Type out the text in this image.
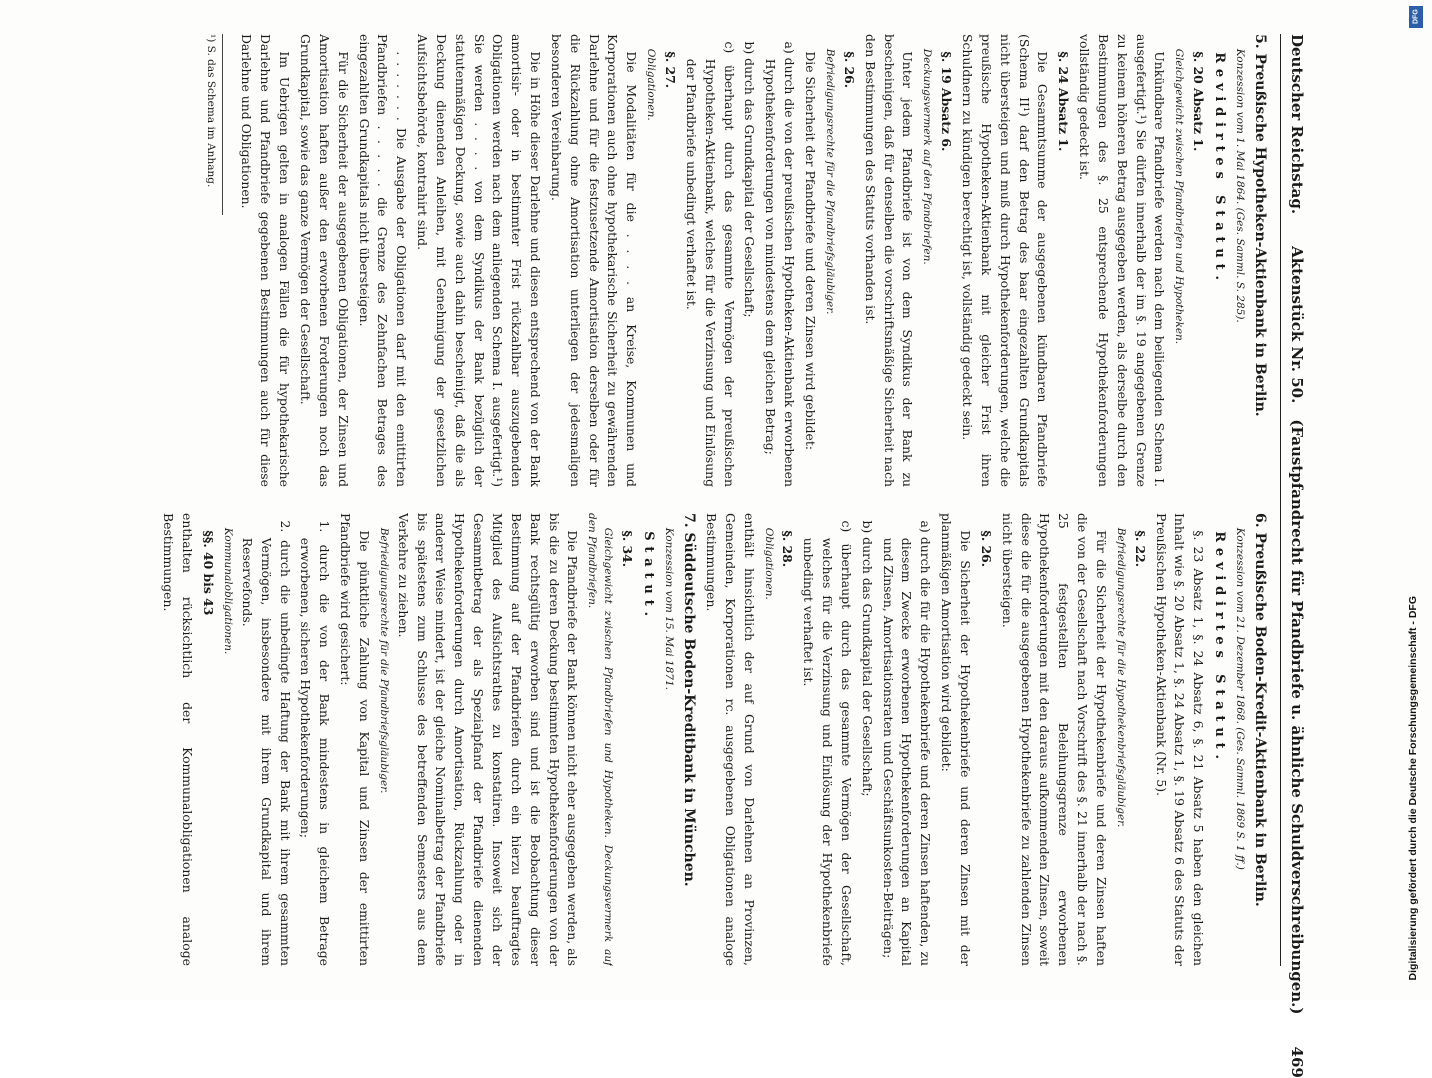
Deutscher Reichstag.
Aktenstück Nr. 50.
(Faustpfandrecht für Pfandbriefe u. ähnliche Schuldverschreibungen.)
469

5. Preußische Hypotheken-Aktienbank in Berlin.

Konzession vom 1. Mai 1864. (Ges. Samml. S. 285).

Revidirtes Statut.

§. 20 Absatz 1.

Gleichgewicht zwischen Pfandbriefen und Hypotheken.

Unkündbare Pfandbriefe werden nach dem beiliegenden Schema I. ausgefertigt.¹) Sie dürfen innerhalb der im §. 19 angegebenen Grenze zu keinem höheren Betrag ausgegeben werden, als derselbe durch den Bestimmungen des §. 25 entsprechende Hypothekenforderungen vollständig gedeckt ist.

§. 24 Absatz 1.

Die Gesammtsumme der ausgegebenen kündbaren Pfandbriefe (Schema II¹) darf den Betrag des baar eingezahlten Grundkapitals nicht übersteigen und muß durch Hypothekenforderungen, welche die preußische Hypotheken-Aktienbank mit gleicher Frist ihren Schuldnern zu kündigen berechtigt ist, vollständig gedeckt sein.

§. 19 Absatz 6.

Deckungsvermerk auf den Pfandbriefen.

Unter jedem Pfandbriefe ist von dem Syndikus der Bank zu bescheinigen, daß für denselben die vorschriftsmäßige Sicherheit nach den Bestimmungen des Statuts vorhanden ist.

§. 26.

Befriedigungsrechte für die Pfandbriefsgläubiger.

Die Sicherheit der Pfandbriefe und deren Zinsen wird gebildet:

a) durch die von der preußischen Hypotheken-Aktienbank erworbenen Hypothekenforderungen von mindestens dem gleichen Betrag;

b) durch das Grundkapital der Gesellschaft;

c) überhaupt durch das gesammte Vermögen der preußischen Hypotheken-Aktienbank, welches für die Verzinsung und Einlösung der Pfandbriefe unbedingt verhaftet ist.

§. 27.

Obligationen.

Die Modalitäten für die . . . . an Kreise, Kommunen und Korporationen auch ohne hypothekarische Sicherheit zu gewährenden Darlehne und für die festzusetzende Amortisation derselben oder für die Rückzahlung ohne Amortisation unterliegen der jedesmaligen besonderen Vereinbarung.

Die in Höhe dieser Darlehne und diesen entsprechend von der Bank amortisir- oder in bestimmter Frist rückzahlbar auszugebenden Obligationen werden nach dem anliegenden Schema I. ausgefertigt.¹) Sie werden . . . . von dem Syndikus der Bank bezüglich der statutenmäßigen Deckung, sowie auch dahin bescheinigt, daß die als Deckung dienenden Anleihen, mit Genehmigung der gesetzlichen Aufsichtsbehörde, kontrahirt sind.

. . . . . . . Die Ausgabe der Obligationen darf mit den emittirten Pfandbriefen . . . . . die Grenze des Zehnfachen Betrages des eingezahlten Grundkapitals nicht übersteigen.

Für die Sicherheit der ausgegebenen Obligationen, der Zinsen und Amortisation haften außer den erworbenen Forderungen noch das Grundkapital, sowie das ganze Vermögen der Gesellschaft.

Im Uebrigen gelten in analogen Fällen die für hypothekarische Darlehne und Pfandbriefe gegebenen Bestimmungen auch für diese Darlehne und Obligationen.

¹) S. das Schema im Anhang.

6. Preußische Boden-Kredit-Aktienbank in Berlin.

Konzession vom 21. Dezember 1868. (Ges. Samml. 1869 S. 1 ff.)

Revidirtes Statut.

§. 23 Absatz 1, §. 24 Absatz 6, §. 21 Absatz 5 haben den gleichen Inhalt wie §. 20 Absatz 1, §. 24 Absatz 1, §. 19 Absatz 6 des Statuts der Preußischen Hypotheken-Aktienbank (Nr. 5).

§. 22.

Befriedigungsrechte für die Hypothekenbriefsgläubiger.

Für die Sicherheit der Hypothekenbriefe und deren Zinsen haften die von der Gesellschaft nach Vorschrift des §. 21 innerhalb der nach §. 25 festgestellten Beleihungsgrenze erworbenen Hypothekenforderungen mit den daraus aufkommenden Zinsen, soweit diese die für die ausgegebenen Hypothekenbriefe zu zahlenden Zinsen nicht übersteigen.

§. 26.

Die Sicherheit der Hypothekenbriefe und deren Zinsen mit der planmäßigen Amortisation wird gebildet:

a) durch die für die Hypothekenbriefe und deren Zinsen haftenden, zu diesem Zwecke erworbenen Hypothekenforderungen an Kapital und Zinsen, Amortisationsraten und Geschäftsunkosten-Beiträgen;

b) durch das Grundkapital der Gesellschaft;

c) überhaupt durch das gesammte Vermögen der Gesellschaft, welches für die Verzinsung und Einlösung der Hypothekenbriefe unbedingt verhaftet ist.

§. 28.

Obligationen.

enthält hinsichtlich der auf Grund von Darlehnen an Provinzen, Gemeinden, Korporationen rc. ausgegebenen Obligationen analoge Bestimmungen.

7. Süddeutsche Boden-Kreditbank in München.

Konzession vom 15. Mai 1871.

Statut.

§. 34.

Gleichgewicht zwischen Pfandbriefen und Hypotheken. Deckungsvermerk auf den Pfandbriefen.

Die Pfandbriefe der Bank können nicht eher ausgegeben werden, als bis die zu deren Deckung bestimmten Hypothekenforderungen von der Bank rechtsgültig erworben sind und ist die Beobachtung dieser Bestimmung auf der Pfandbriefen durch ein hierzu beauftragtes Mitglied des Aufsichtsrathes zu konstatiren. Insoweit sich der Gesammtbetrag der als Spezialpfand der Pfandbriefe dienenden Hypothekenforderungen durch Amortisation, Rückzahlung oder in anderer Weise mindert, ist der gleiche Nominalbetrag der Pfandbriefe bis spätestens zum Schlusse des betreffenden Semesters aus dem Verkehre zu ziehen.

Befriedigungsrechte für die Pfandbriefsgläubiger.

Die pünktliche Zahlung von Kapital und Zinsen der emittirten Pfandbriefe wird gesichert:

1. durch die von der Bank mindestens in gleichem Betrage erworbenen, sicheren Hypothekenforderungen;

2. durch die unbedingte Haftung der Bank mit ihrem gesammten Vermögen, insbesondere mit ihrem Grundkapital und ihrem Reservefonds.

Kommunalobligationen.

§§. 40 bis 43

enthalten rücksichtlich der Kommunalobligationen analoge Bestimmungen.

Digitalisierung gefördert durch die Deutsche Forschungsgemeinschaft - DFG
DFG
